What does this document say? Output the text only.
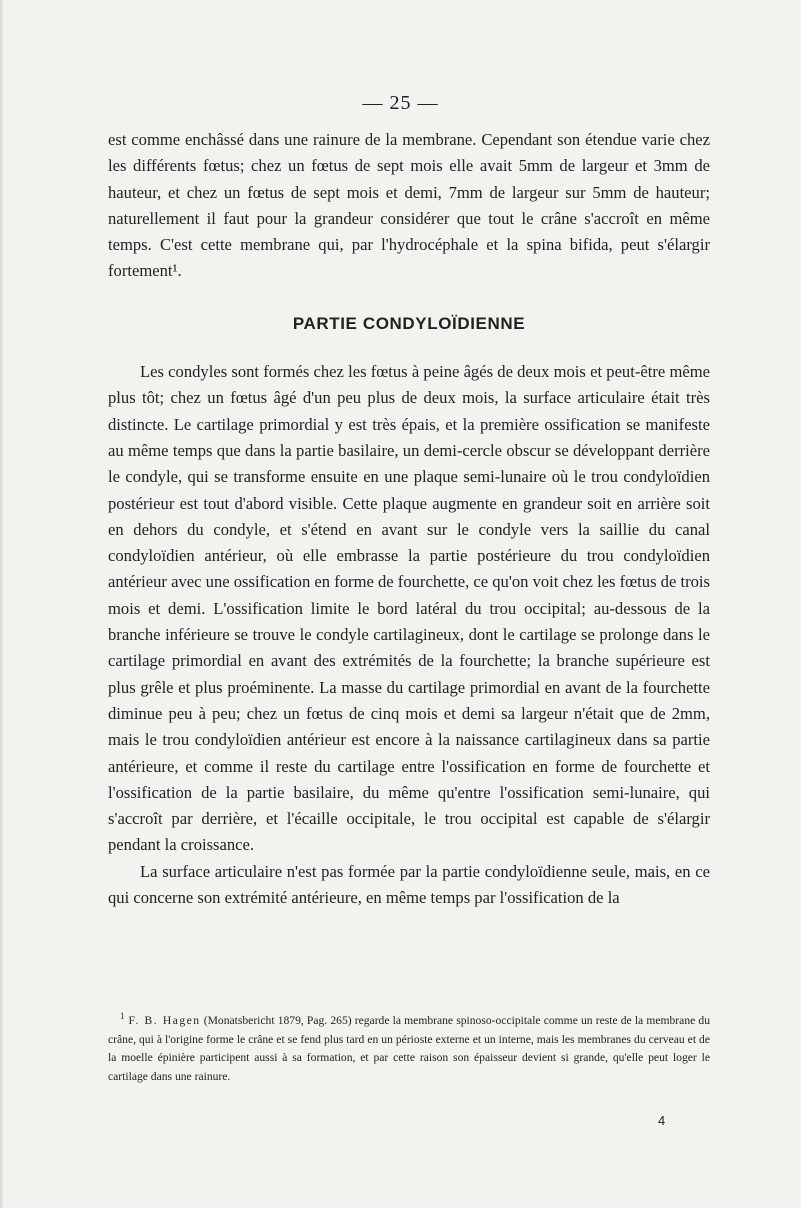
— 25 —

est comme enchâssé dans une rainure de la membrane. Cependant son étendue varie chez les différents fœtus; chez un fœtus de sept mois elle avait 5mm de largeur et 3mm de hauteur, et chez un fœtus de sept mois et demi, 7mm de largeur sur 5mm de hauteur; naturellement il faut pour la grandeur considérer que tout le crâne s'accroît en même temps. C'est cette membrane qui, par l'hydrocéphale et la spina bifida, peut s'élargir fortement¹.

PARTIE CONDYLOÏDIENNE

Les condyles sont formés chez les fœtus à peine âgés de deux mois et peut-être même plus tôt; chez un fœtus âgé d'un peu plus de deux mois, la surface articulaire était très distincte. Le cartilage primordial y est très épais, et la première ossification se manifeste au même temps que dans la partie basilaire, un demi-cercle obscur se développant derrière le condyle, qui se transforme ensuite en une plaque semi-lunaire où le trou condyloïdien postérieur est tout d'abord visible. Cette plaque augmente en grandeur soit en arrière soit en dehors du condyle, et s'étend en avant sur le condyle vers la saillie du canal condyloïdien antérieur, où elle embrasse la partie postérieure du trou condyloïdien antérieur avec une ossification en forme de fourchette, ce qu'on voit chez les fœtus de trois mois et demi. L'ossification limite le bord latéral du trou occipital; au-dessous de la branche inférieure se trouve le condyle cartilagineux, dont le cartilage se prolonge dans le cartilage primordial en avant des extrémités de la fourchette; la branche supérieure est plus grêle et plus proéminente. La masse du cartilage primordial en avant de la fourchette diminue peu à peu; chez un fœtus de cinq mois et demi sa largeur n'était que de 2mm, mais le trou condyloïdien antérieur est encore à la naissance cartilagineux dans sa partie antérieure, et comme il reste du cartilage entre l'ossification en forme de fourchette et l'ossification de la partie basilaire, du même qu'entre l'ossification semi-lunaire, qui s'accroît par derrière, et l'écaille occipitale, le trou occipital est capable de s'élargir pendant la croissance.

La surface articulaire n'est pas formée par la partie condyloïdienne seule, mais, en ce qui concerne son extrémité antérieure, en même temps par l'ossification de la

$^1$ F. B. Hagen (Monatsbericht 1879, Pag. 265) regarde la membrane spinoso-occipitale comme un reste de la membrane du crâne, qui à l'origine forme le crâne et se fend plus tard en un périoste externe et un interne, mais les membranes du cerveau et de la moelle épinière participent aussi à sa formation, et par cette raison son épaisseur devient si grande, qu'elle peut loger le cartilage dans une rainure.
4
